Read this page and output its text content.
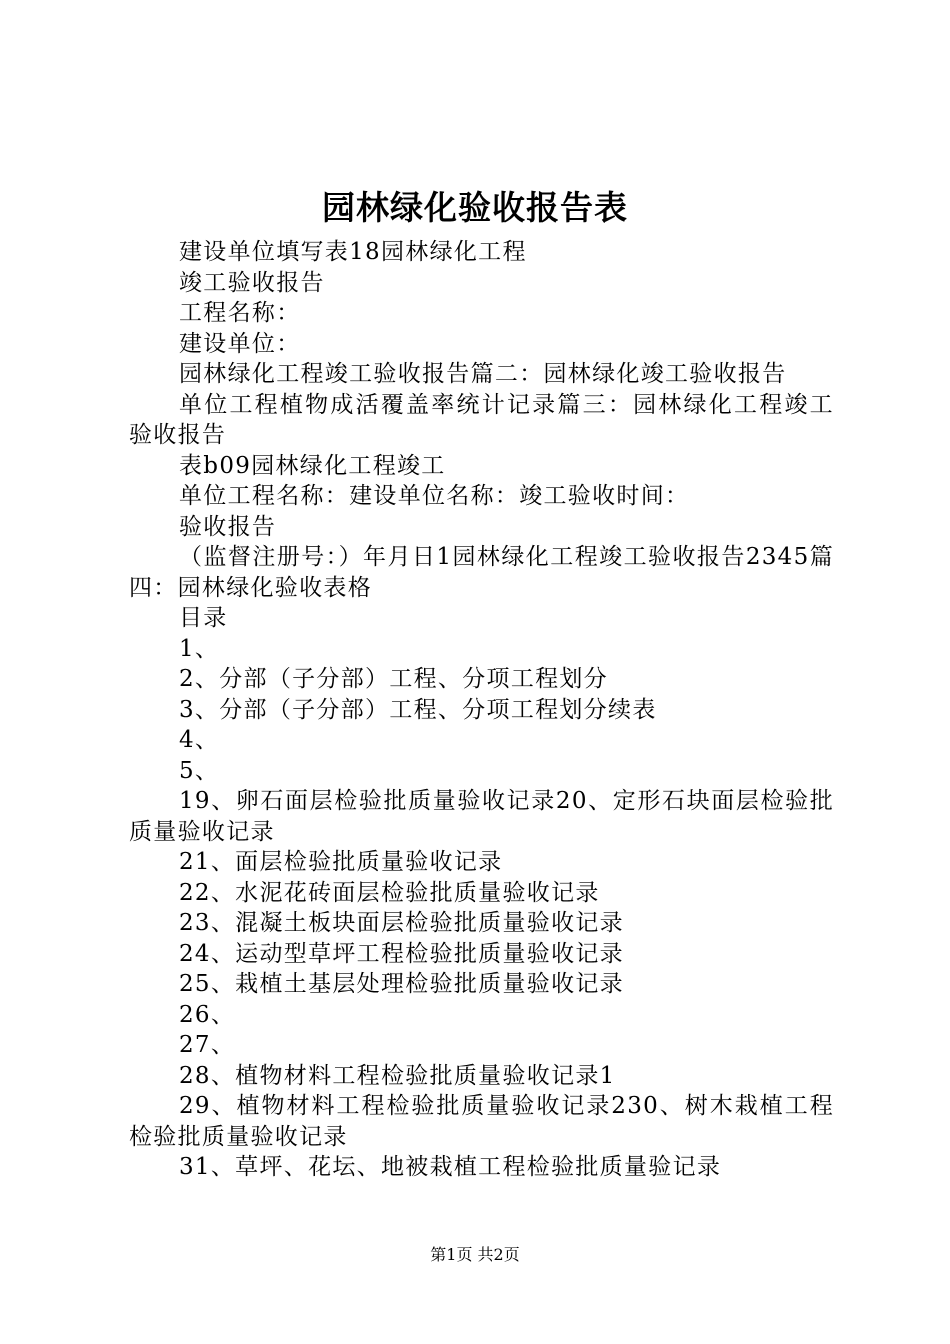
园林绿化验收报告表

建设单位填写表18园林绿化工程

竣工验收报告

工程名称：

建设单位：

园林绿化工程竣工验收报告篇二：园林绿化竣工验收报告

单位工程植物成活覆盖率统计记录篇三：园林绿化工程竣工验收报告

表b09园林绿化工程竣工

单位工程名称：建设单位名称：竣工验收时间：

验收报告

（监督注册号：）年月日1园林绿化工程竣工验收报告2345篇四：园林绿化验收表格

目录

1、

2、分部（子分部）工程、分项工程划分

3、分部（子分部）工程、分项工程划分续表

4、

5、

19、卵石面层检验批质量验收记录20、定形石块面层检验批质量验收记录

21、面层检验批质量验收记录

22、水泥花砖面层检验批质量验收记录

23、混凝土板块面层检验批质量验收记录

24、运动型草坪工程检验批质量验收记录

25、栽植土基层处理检验批质量验收记录

26、

27、

28、植物材料工程检验批质量验收记录1

29、植物材料工程检验批质量验收记录230、树木栽植工程检验批质量验收记录

31、草坪、花坛、地被栽植工程检验批质量验记录

第1页 共2页
